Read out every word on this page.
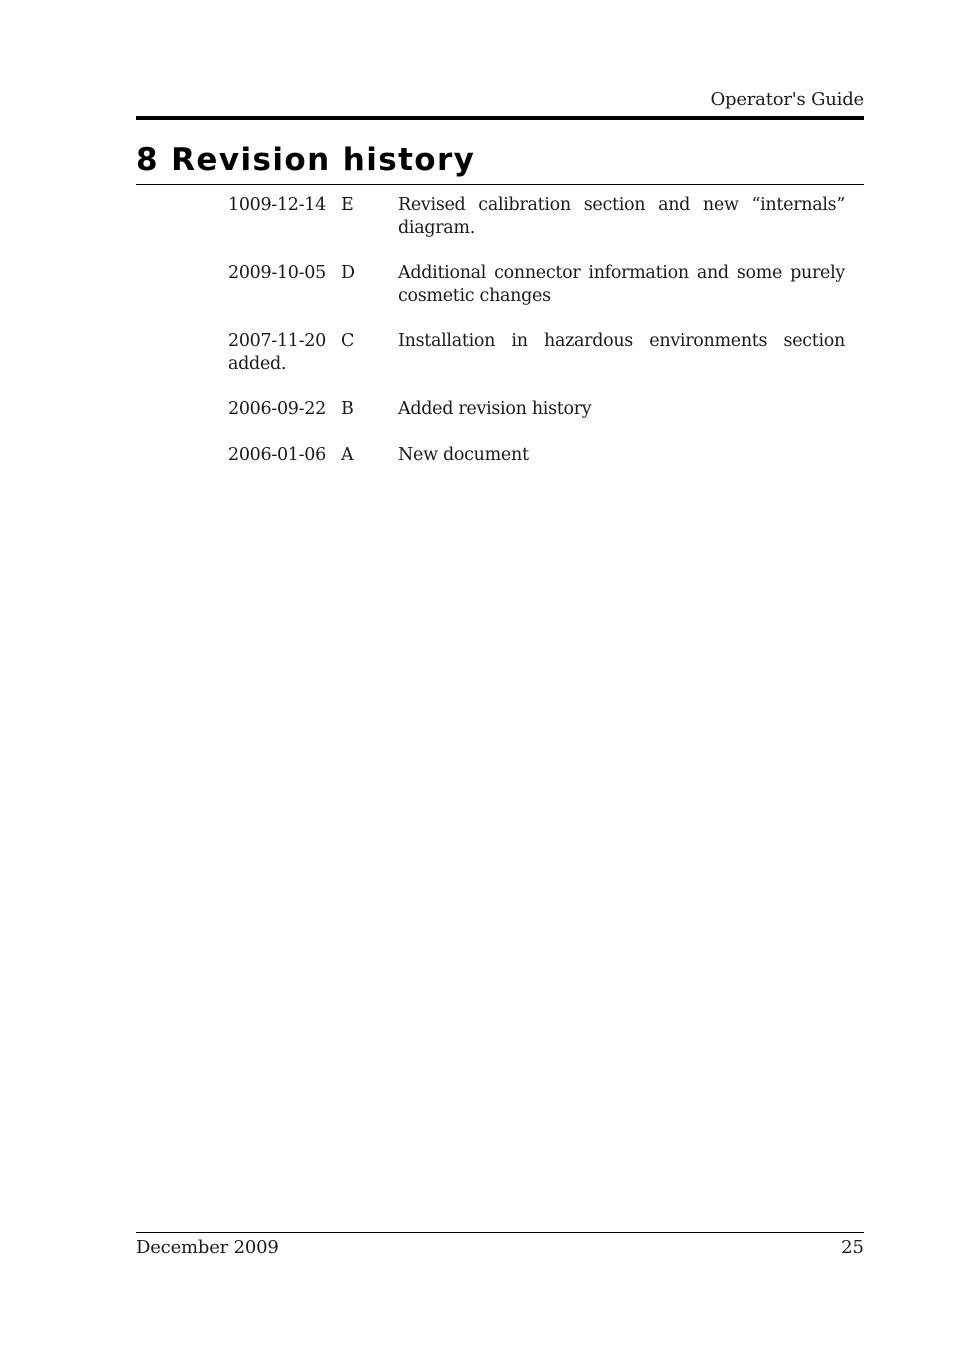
Operator's Guide
8 Revision history
1009-12-14 E	Revised calibration section and new “internals” diagram.
2009-10-05 D Additional connector information and some purely cosmetic changes
2007-11-20 C	Installation in hazardous environments section
added.
2006-09-22 B	Added revision history
2006-01-06 A	New document
December 2009	25
